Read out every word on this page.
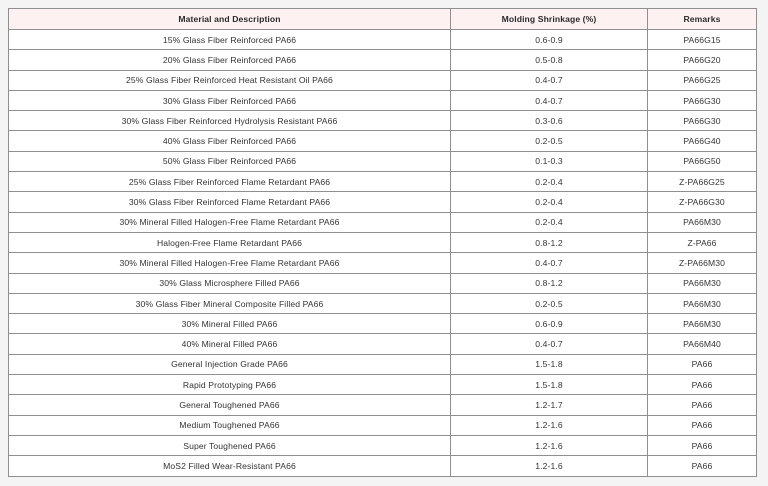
Material and Description	Molding Shrinkage (%)	Remarks
15% Glass Fiber Reinforced PA66	0.6-0.9	PA66G15
20% Glass Fiber Reinforced PA66	0.5-0.8	PA66G20
25% Glass Fiber Reinforced Heat Resistant Oil PA66	0.4-0.7	PA66G25
30% Glass Fiber Reinforced PA66	0.4-0.7	PA66G30
30% Glass Fiber Reinforced Hydrolysis Resistant PA66	0.3-0.6	PA66G30
40% Glass Fiber Reinforced PA66	0.2-0.5	PA66G40
50% Glass Fiber Reinforced PA66	0.1-0.3	PA66G50
25% Glass Fiber Reinforced Flame Retardant PA66	0.2-0.4	Z-PA66G25
30% Glass Fiber Reinforced Flame Retardant PA66	0.2-0.4	Z-PA66G30
30% Mineral Filled Halogen-Free Flame Retardant PA66	0.2-0.4	PA66M30
Halogen-Free Flame Retardant PA66	0.8-1.2	Z-PA66
30% Mineral Filled Halogen-Free Flame Retardant PA66	0.4-0.7	Z-PA66M30
30% Glass Microsphere Filled PA66	0.8-1.2	PA66M30
30% Glass Fiber Mineral Composite Filled PA66	0.2-0.5	PA66M30
30% Mineral Filled PA66	0.6-0.9	PA66M30
40% Mineral Filled PA66	0.4-0.7	PA66M40
General Injection Grade PA66	1.5-1.8	PA66
Rapid Prototyping PA66	1.5-1.8	PA66
General Toughened PA66	1.2-1.7	PA66
Medium Toughened PA66	1.2-1.6	PA66
Super Toughened PA66	1.2-1.6	PA66
MoS2 Filled Wear-Resistant PA66	1.2-1.6	PA66
